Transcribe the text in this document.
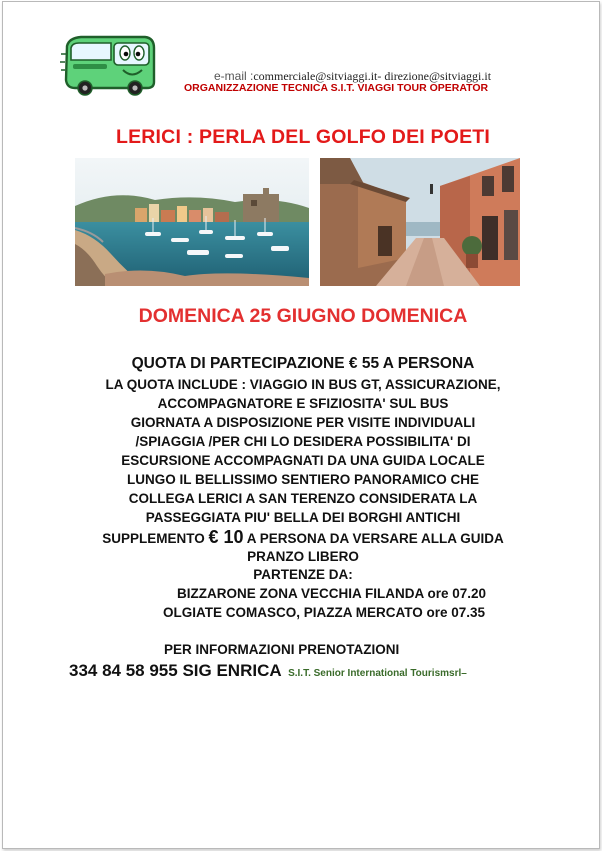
e-mail :commerciale@sitviaggi.it- direzione@sitviaggi.it
ORGANIZZAZIONE TECNICA S.I.T. VIAGGI TOUR OPERATOR
LERICI : PERLA DEL GOLFO DEI POETI
DOMENICA 25 GIUGNO DOMENICA
QUOTA DI PARTECIPAZIONE € 55 A PERSONA
LA QUOTA INCLUDE : VIAGGIO IN BUS GT, ASSICURAZIONE,
ACCOMPAGNATORE E SFIZIOSITA' SUL BUS
GIORNATA A DISPOSIZIONE PER VISITE INDIVIDUALI
/SPIAGGIA /PER CHI LO DESIDERA POSSIBILITA' DI
ESCURSIONE ACCOMPAGNATI DA UNA GUIDA LOCALE
LUNGO IL BELLISSIMO SENTIERO PANORAMICO CHE
COLLEGA LERICI A SAN TERENZO CONSIDERATA LA
PASSEGGIATA PIU' BELLA DEI BORGHI ANTICHI
SUPPLEMENTO € 10 A PERSONA DA VERSARE ALLA GUIDA
PRANZO LIBERO
PARTENZE DA:
BIZZARONE ZONA VECCHIA FILANDA ore 07.20
OLGIATE COMASCO, PIAZZA MERCATO ore 07.35
PER INFORMAZIONI PRENOTAZIONI
334 84 58 955 SIG ENRICA S.I.T. Senior International Tourismsrl–
